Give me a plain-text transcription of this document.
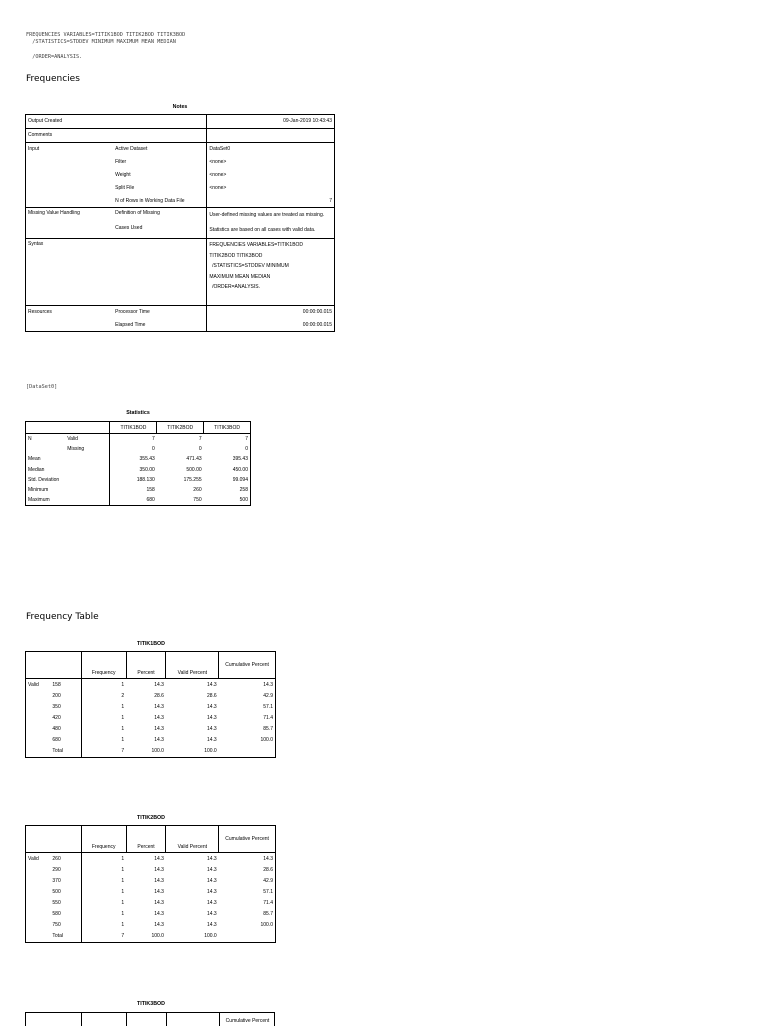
FREQUENCIES VARIABLES=TITIK1BOD TITIK2BOD TITIK3BOD
/STATISTICS=STDDEV MINIMUM MAXIMUM MEAN MEDIAN
/ORDER=ANALYSIS.
Frequencies
Notes
Output Created		09-Jan-2019 10:43:43
Comments		
Input	Active Dataset	DataSet0
	Filter	<none>
	Weight	<none>
	Split File	<none>
	N of Rows in Working Data File	7
Missing Value Handling	Definition of Missing	User-defined missing values are treated as missing.
	Cases Used	Statistics are based on all cases with valid data.
Syntax		FREQUENCIES VARIABLES=TITIK1BOD
TITIK2BOD TITIK3BOD
/STATISTICS=STDDEV MINIMUM
MAXIMUM MEAN MEDIAN
/ORDER=ANALYSIS.
Resources	Processor Time	00:00:00.015
	Elapsed Time	00:00:00.015
[DataSet0]
Statistics
		TITIK1BOD	TITIK2BOD	TITIK3BOD
N	Valid	7	7	7
	Missing	0	0	0
Mean		355.43	471.43	395.43
Median		350.00	500.00	450.00
Std. Deviation		188.130	175.255	99.094
Minimum		158	260	258
Maximum		680	750	500
Frequency Table
TITIK1BOD
		Frequency	Percent	Valid Percent	Cumulative Percent
Valid	158	1	14.3	14.3	14.3
	200	2	28.6	28.6	42.9
	350	1	14.3	14.3	57.1
	420	1	14.3	14.3	71.4
	480	1	14.3	14.3	85.7
	680	1	14.3	14.3	100.0
	Total	7	100.0	100.0	
TITIK2BOD
		Frequency	Percent	Valid Percent	Cumulative Percent
Valid	260	1	14.3	14.3	14.3
	290	1	14.3	14.3	28.6
	370	1	14.3	14.3	42.9
	500	1	14.3	14.3	57.1
	550	1	14.3	14.3	71.4
	580	1	14.3	14.3	85.7
	750	1	14.3	14.3	100.0
	Total	7	100.0	100.0	
TITIK3BOD
Cumulative Percent
